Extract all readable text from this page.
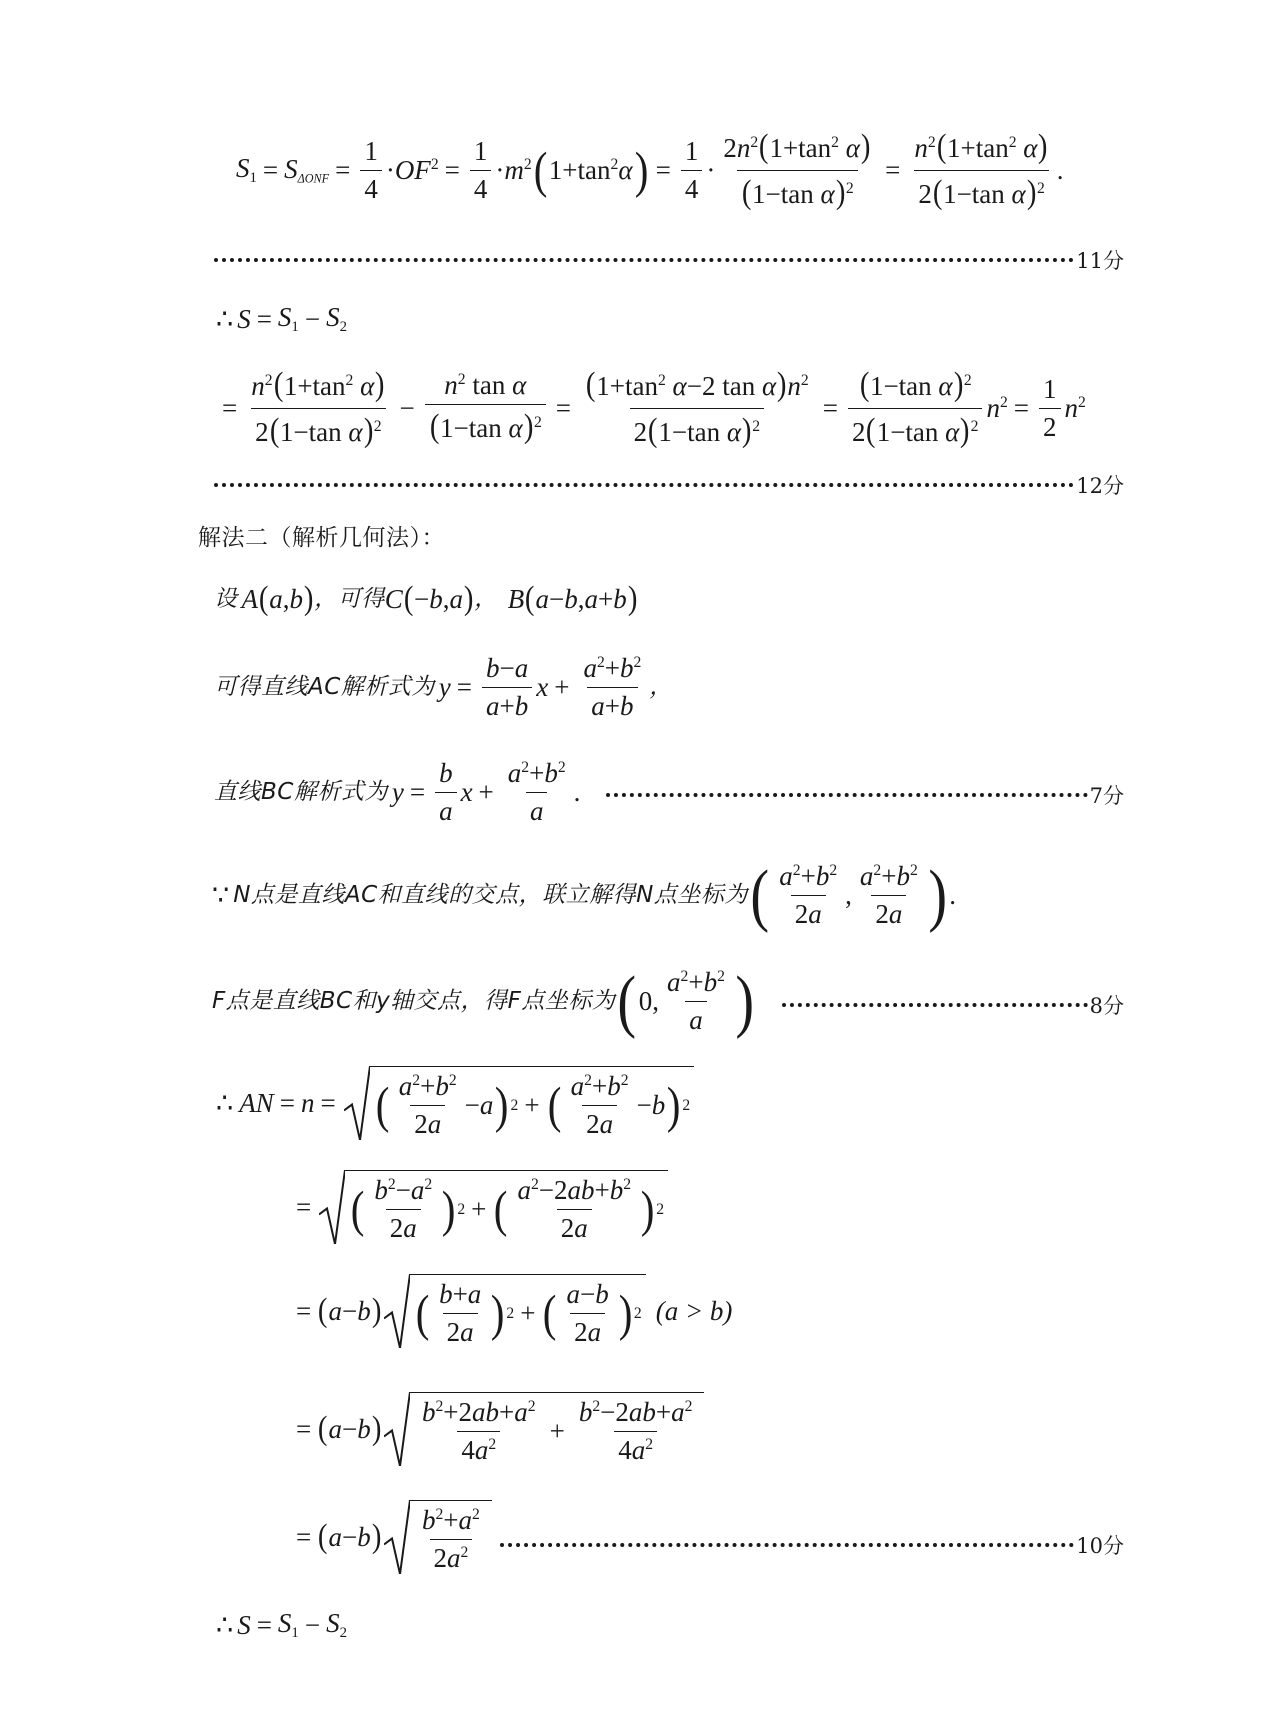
$S_1 = S_{\Delta ONF} = \frac{1}{4} \cdot OF^2 = \frac{1}{4} \cdot m^2$ ( $1+\tan^2$ α ) = $\frac{1}{4} \cdot \frac{2n^2(1+\tan^2 \alpha)}{(1-\tan \alpha)^2} = \frac{n^2(1+\tan^2 \alpha)}{2(1-\tan \alpha)^2}$ .
11分
∴ $S = S_1 - S_2$
= $\frac{n^2(1+\tan^2 \alpha)}{2(1-\tan \alpha)^2} - \frac{n^2 \tan \alpha}{(1-\tan \alpha)^2} = \frac{(1+\tan^2 \alpha-2 \tan \alpha)n^2}{2(1-\tan \alpha)^2} = \frac{(1-\tan \alpha)^2}{2(1-\tan \alpha)^2} n^2 = \frac{1}{2} n^2$
12分
解法二（解析几何法）：
设 A ( a , b ) ，可得 C ( − b , a ) ， B ( a − b , a + b )
可得直线AC解析式为 $y = \frac{b-a}{a+b}$ $x + \frac{a^2+b^2}{a+b}$ ，
直线BC解析式为 $y = \frac{b}{a}$ $x + \frac{a^2+b^2}{a}$ .	7分
∵ N点是直线AC和直线的交点，联立解得N点坐标为 ( $\frac{a^2+b^2}{2a}$ , $\frac{a^2+b^2}{2a}$ ) .
F点是直线BC和y轴交点，得F点坐标为 ( 0, $\frac{a^2+b^2}{a}$ )	8分
∴ AN = n = ( $\frac{a^2+b^2}{2a} - a$ ) 2 + ( $\frac{a^2+b^2}{2a} - b$ ) 2
= ( $\frac{b^2-a^2}{2a}$ ) 2 + ( $\frac{a^2-2ab+b^2}{2a}$ ) 2
= ( a − b ) ( $\frac{b+a}{2a}$ ) 2 + ( $\frac{a-b}{2a}$ ) 2 (a > b)
= ( a − b ) $\frac{b^2+2ab+a^2}{4a^2} + \frac{b^2-2ab+a^2}{4a^2}$
= ( a − b ) $\frac{b^2+a^2}{2a^2}$	10分
∴ $S = S_1 - S_2$
